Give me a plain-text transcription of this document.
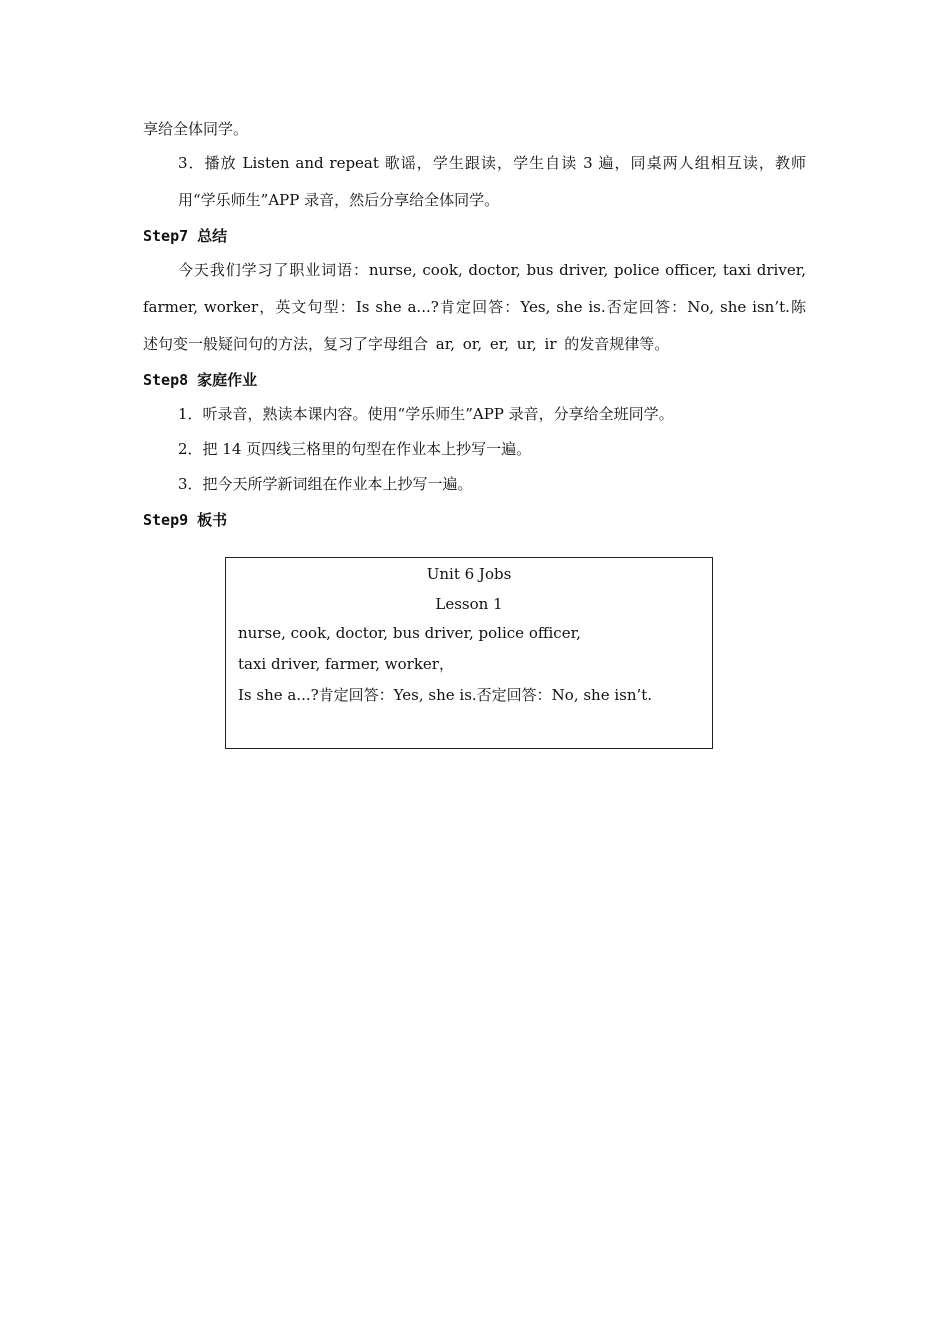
享给全体同学。
3．播放 Listen and repeat 歌谣，学生跟读，学生自读 3 遍，同桌两人组相互读，教师
用“学乐师生”APP 录音，然后分享给全体同学。
Step7 总结
今天我们学习了职业词语：nurse, cook, doctor, bus driver, police officer, taxi driver,
farmer, worker，英文句型：Is she a...?肯定回答：Yes, she is.否定回答：No, she isn’t.陈
述句变一般疑问句的方法，复习了字母组合 ar, or, er, ur, ir 的发音规律等。
Step8 家庭作业
1．听录音，熟读本课内容。使用“学乐师生”APP 录音，分享给全班同学。
2．把 14 页四线三格里的句型在作业本上抄写一遍。
3．把今天所学新词组在作业本上抄写一遍。
Step9 板书
Unit 6 Jobs
Lesson 1
nurse, cook, doctor, bus driver, police officer,
taxi driver, farmer, worker，
Is she a...?肯定回答：Yes, she is.否定回答：No, she isn’t.
